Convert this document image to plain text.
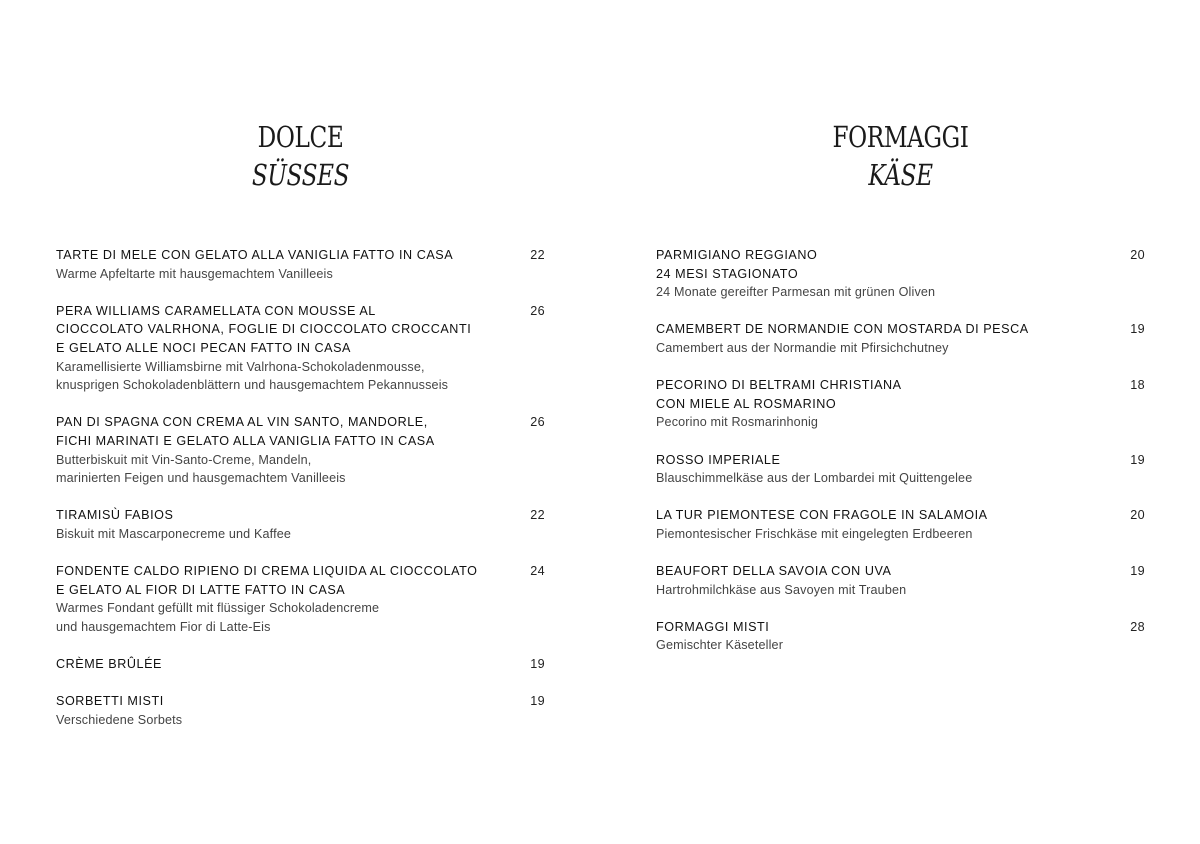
DOLCE
SÜSSES
TARTE DI MELE CON GELATO ALLA VANIGLIA FATTO IN CASA
Warme Apfeltarte mit hausgemachtem Vanilleeis
22
PERA WILLIAMS CARAMELLATA CON MOUSSE AL
CIOCCOLATO VALRHONA, FOGLIE DI CIOCCOLATO CROCCANTI
E GELATO ALLE NOCI PECAN FATTO IN CASA
Karamellisierte Williamsbirne mit Valrhona-Schokoladenmousse,
knusprigen Schokoladenblättern und hausgemachtem Pekannusseis
26
PAN DI SPAGNA CON CREMA AL VIN SANTO, MANDORLE,
FICHI MARINATI E GELATO ALLA VANIGLIA FATTO IN CASA
Butterbiskuit mit Vin-Santo-Creme, Mandeln,
marinierten Feigen und hausgemachtem Vanilleeis
26
TIRAMISÙ FABIOS
Biskuit mit Mascarponecreme und Kaffee
22
FONDENTE CALDO RIPIENO DI CREMA LIQUIDA AL CIOCCOLATO
E GELATO AL FIOR DI LATTE FATTO IN CASA
Warmes Fondant gefüllt mit flüssiger Schokoladencreme
und hausgemachtem Fior di Latte-Eis
24
CRÈME BRÛLÉE	19
SORBETTI MISTI
Verschiedene Sorbets
19
FORMAGGI
KÄSE
PARMIGIANO REGGIANO
24 MESI STAGIONATO
24 Monate gereifter Parmesan mit grünen Oliven
20
CAMEMBERT DE NORMANDIE CON MOSTARDA DI PESCA
Camembert aus der Normandie mit Pfirsichchutney
19
PECORINO DI BELTRAMI CHRISTIANA
CON MIELE AL ROSMARINO
Pecorino mit Rosmarinhonig
18
ROSSO IMPERIALE
Blauschimmelkäse aus der Lombardei mit Quittengelee
19
LA TUR PIEMONTESE CON FRAGOLE IN SALAMOIA
Piemontesischer Frischkäse mit eingelegten Erdbeeren
20
BEAUFORT DELLA SAVOIA CON UVA
Hartrohmilchkäse aus Savoyen mit Trauben
19
FORMAGGI MISTI
Gemischter Käseteller
28
